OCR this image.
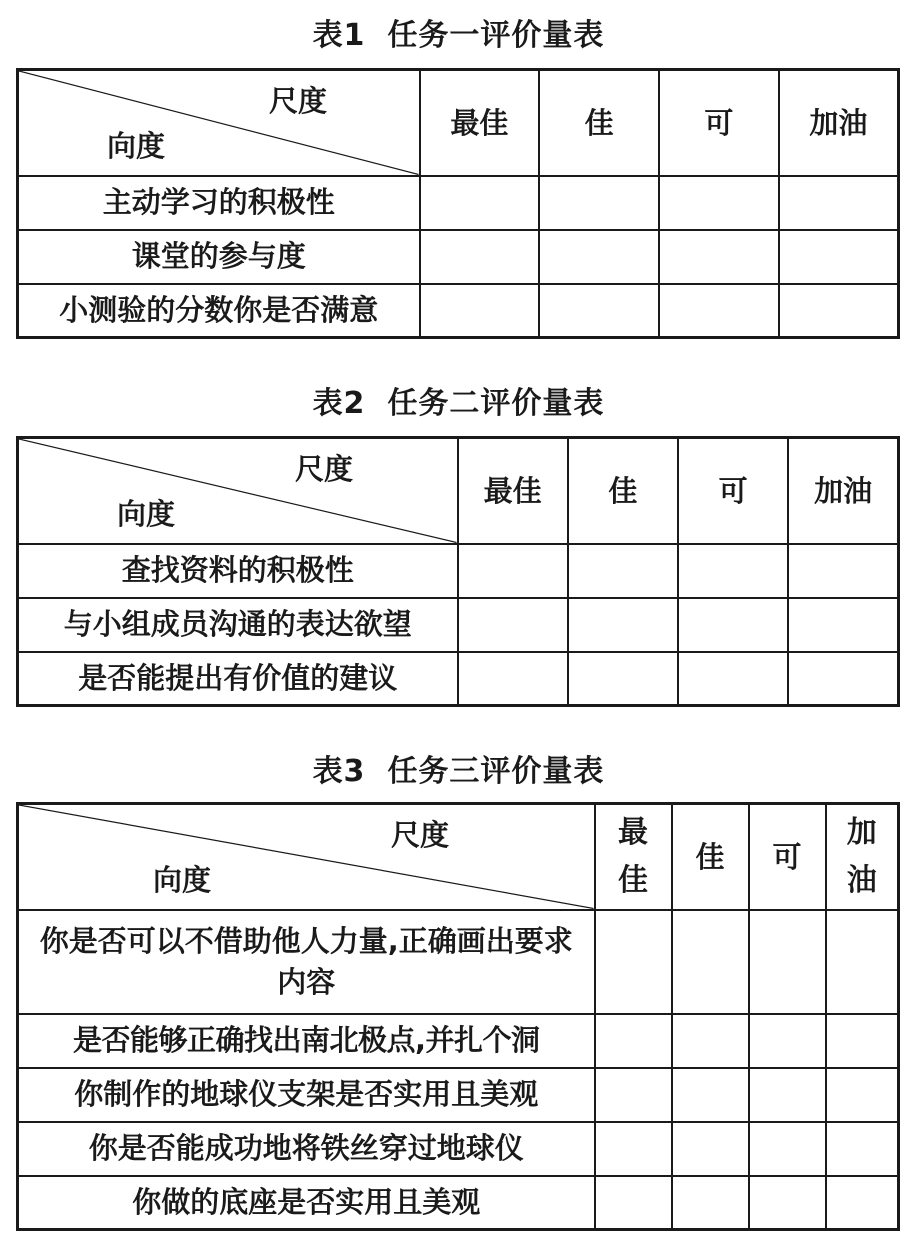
表1 任务一评价量表
尺度
向度	最佳	佳	可	加油
主动学习的积极性				
课堂的参与度				
小测验的分数你是否满意				
表2 任务二评价量表
尺度
向度	最佳	佳	可	加油
查找资料的积极性				
与小组成员沟通的表达欲望				
是否能提出有价值的建议				
表3 任务三评价量表
尺度
向度	最佳	佳	可	加油
你是否可以不借助他人力量,正确画出要求内容				
是否能够正确找出南北极点,并扎个洞				
你制作的地球仪支架是否实用且美观				
你是否能成功地将铁丝穿过地球仪				
你做的底座是否实用且美观				
